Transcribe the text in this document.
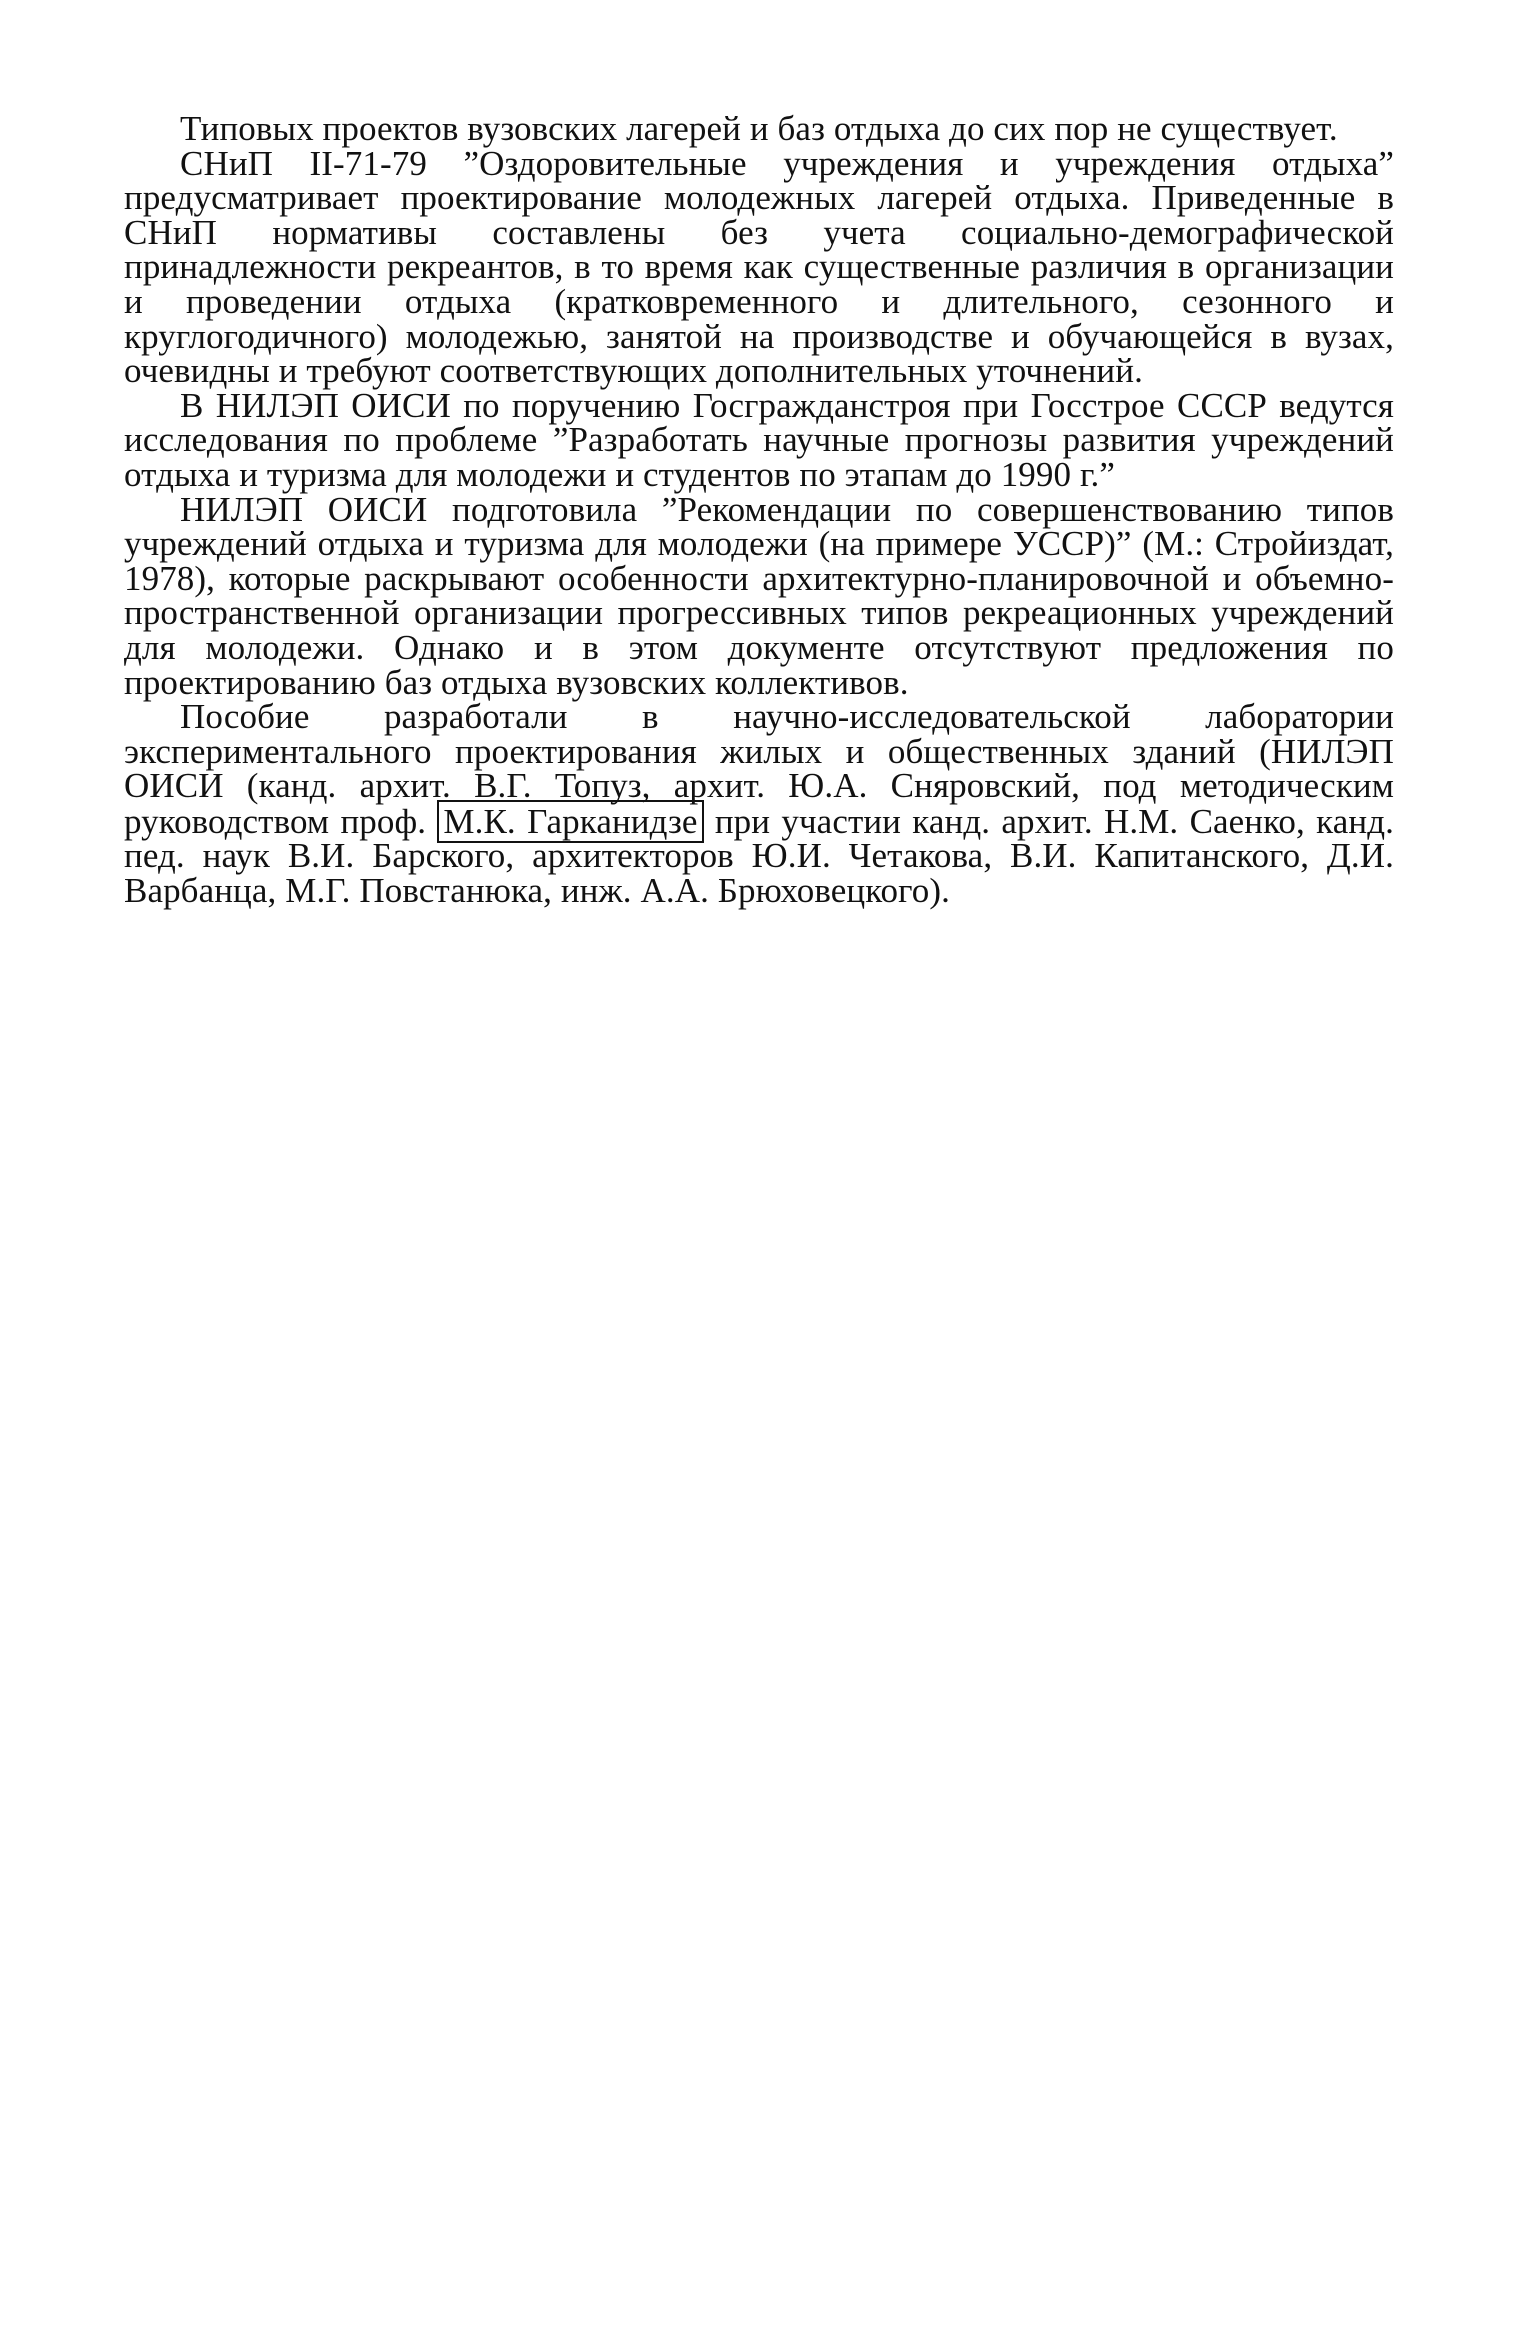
Типовых проектов вузовских лагерей и баз отдыха до сих пор не существует.

СНиП II-71-79 ”Оздоровительные учреждения и учреждения отдыха” предусматривает проектирование молодежных лагерей отдыха. Приведенные в СНиП нормативы составлены без учета социально-демографической принадлежности рекреантов, в то время как существенные различия в организации и проведении отдыха (кратковременного и длительного, сезонного и круглогодичного) молодежью, занятой на производстве и обучающейся в вузах, очевидны и требуют соответствующих дополнительных уточнений.

В НИЛЭП ОИСИ по поручению Госгражданстроя при Госстрое СССР ведутся исследования по проблеме ”Разработать научные прогнозы развития учреждений отдыха и туризма для молодежи и студентов по этапам до 1990 г.”

НИЛЭП ОИСИ подготовила ”Рекомендации по совершенствованию типов учреждений отдыха и туризма для молодежи (на примере УССР)” (М.: Стройиздат, 1978), которые раскрывают особенности архитектурно-планировочной и объемно-пространственной организации прогрессивных типов рекреационных учреждений для молодежи. Однако и в этом документе отсутствуют предложения по проектированию баз отдыха вузовских коллективов.

Пособие разработали в научно-исследовательской лаборатории экспериментального проектирования жилых и общественных зданий (НИЛЭП ОИСИ (канд. архит. В.Г. Топуз, архит. Ю.А. Сняровский, под методическим руководством проф. М.К. Гарканидзе при участии канд. архит. Н.М. Саенко, канд. пед. наук В.И. Барского, архитекторов Ю.И. Четакова, В.И. Капитанского, Д.И. Варбанца, М.Г. Повстанюка, инж. А.А. Брюховецкого).
